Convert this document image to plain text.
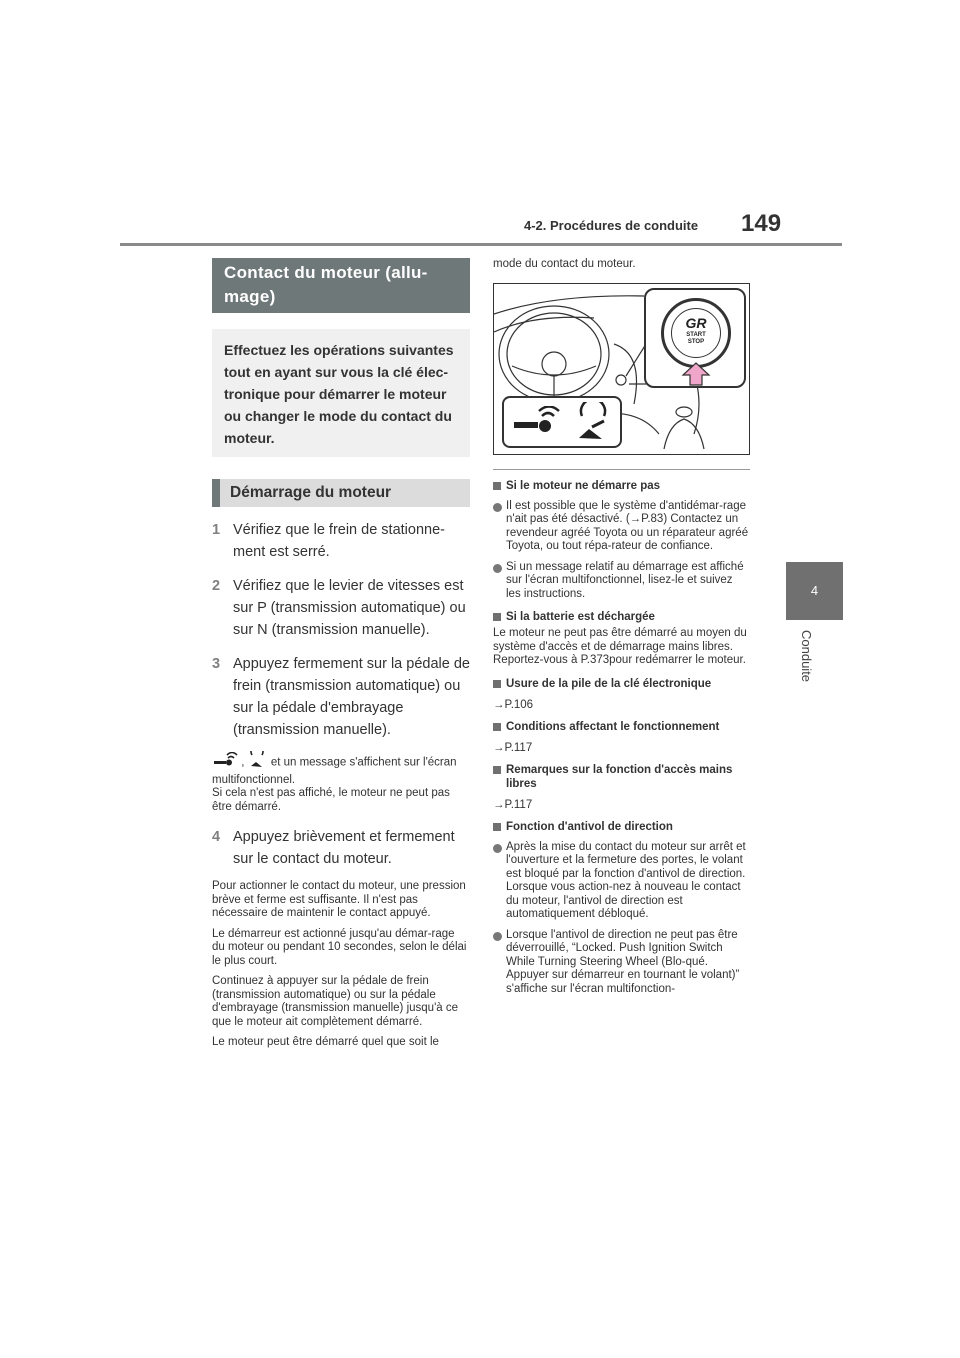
4-2. Procédures de conduite 149
4
Conduite
Contact du moteur (allu-mage)
Effectuez les opérations suivantes tout en ayant sur vous la clé élec-tronique pour démarrer le moteur ou changer le mode du contact du moteur.
Démarrage du moteur
1 Vérifiez que le frein de stationne-ment est serré.
2 Vérifiez que le levier de vitesses est sur P (transmission automatique) ou sur N (transmission manuelle).
3 Appuyez fermement sur la pédale de frein (transmission automatique) ou sur la pédale d'embrayage (transmission manuelle).
, et un message s'affichent sur l'écran multifonctionnel.
Si cela n'est pas affiché, le moteur ne peut pas être démarré.
4 Appuyez brièvement et fermement sur le contact du moteur.
Pour actionner le contact du moteur, une pression brève et ferme est suffisante. Il n'est pas nécessaire de maintenir le contact appuyé.
Le démarreur est actionné jusqu'au démar-rage du moteur ou pendant 10 secondes, selon le délai le plus court.
Continuez à appuyer sur la pédale de frein (transmission automatique) ou sur la pédale d'embrayage (transmission manuelle) jusqu'à ce que le moteur ait complètement démarré.
Le moteur peut être démarré quel que soit le
mode du contact du moteur.
GR
START
STOP
Si le moteur ne démarre pas
Il est possible que le système d'antidémar-rage n'ait pas été désactivé. (→P.83) Contactez un revendeur agréé Toyota ou un réparateur agréé Toyota, ou tout répa-rateur de confiance.
Si un message relatif au démarrage est affiché sur l'écran multifonctionnel, lisez-le et suivez les instructions.
Si la batterie est déchargée
Le moteur ne peut pas être démarré au moyen du système d'accès et de démarrage mains libres. Reportez-vous à P.373pour redémarrer le moteur.
Usure de la pile de la clé électronique
→P.106
Conditions affectant le fonctionnement
→P.117
Remarques sur la fonction d'accès mains libres
→P.117
Fonction d'antivol de direction
Après la mise du contact du moteur sur arrêt et l'ouverture et la fermeture des portes, le volant est bloqué par la fonction d'antivol de direction. Lorsque vous action-nez à nouveau le contact du moteur, l'antivol de direction est automatiquement débloqué.
Lorsque l'antivol de direction ne peut pas être déverrouillé, “Locked. Push Ignition Switch While Turning Steering Wheel (Blo-qué. Appuyer sur démarreur en tournant le volant)” s'affiche sur l'écran multifonction-
